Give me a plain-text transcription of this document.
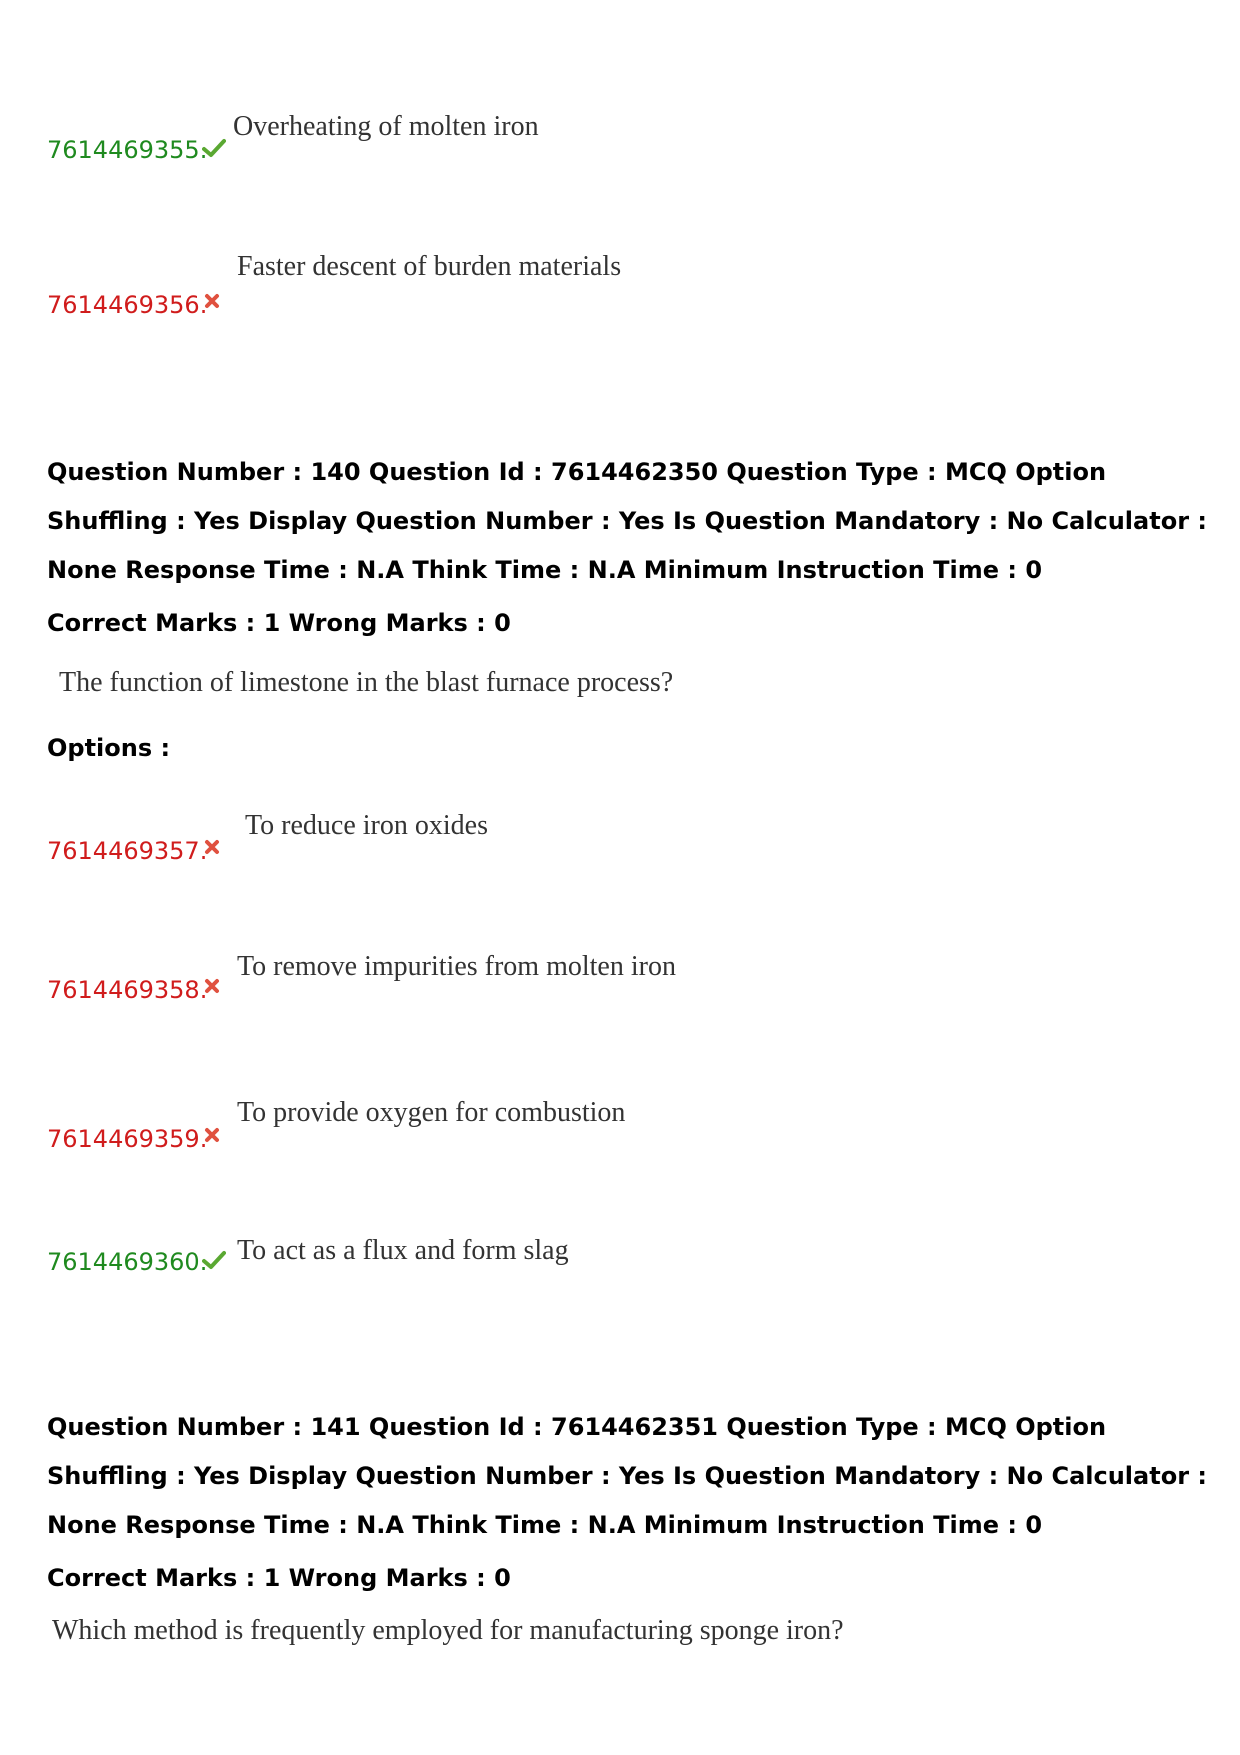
7614469355.
Overheating of molten iron
7614469356.
Faster descent of burden materials
Question Number : 140 Question Id : 7614462350 Question Type : MCQ Option Shuffling : Yes Display Question Number : Yes Is Question Mandatory : No Calculator : None Response Time : N.A Think Time : N.A Minimum Instruction Time : 0
Correct Marks : 1 Wrong Marks : 0
The function of limestone in the blast furnace process?
Options :
7614469357.
To reduce iron oxides
7614469358.
To remove impurities from molten iron
7614469359.
To provide oxygen for combustion
7614469360. To act as a flux and form slag
Question Number : 141 Question Id : 7614462351 Question Type : MCQ Option Shuffling : Yes Display Question Number : Yes Is Question Mandatory : No Calculator : None Response Time : N.A Think Time : N.A Minimum Instruction Time : 0
Correct Marks : 1 Wrong Marks : 0
Which method is frequently employed for manufacturing sponge iron?
